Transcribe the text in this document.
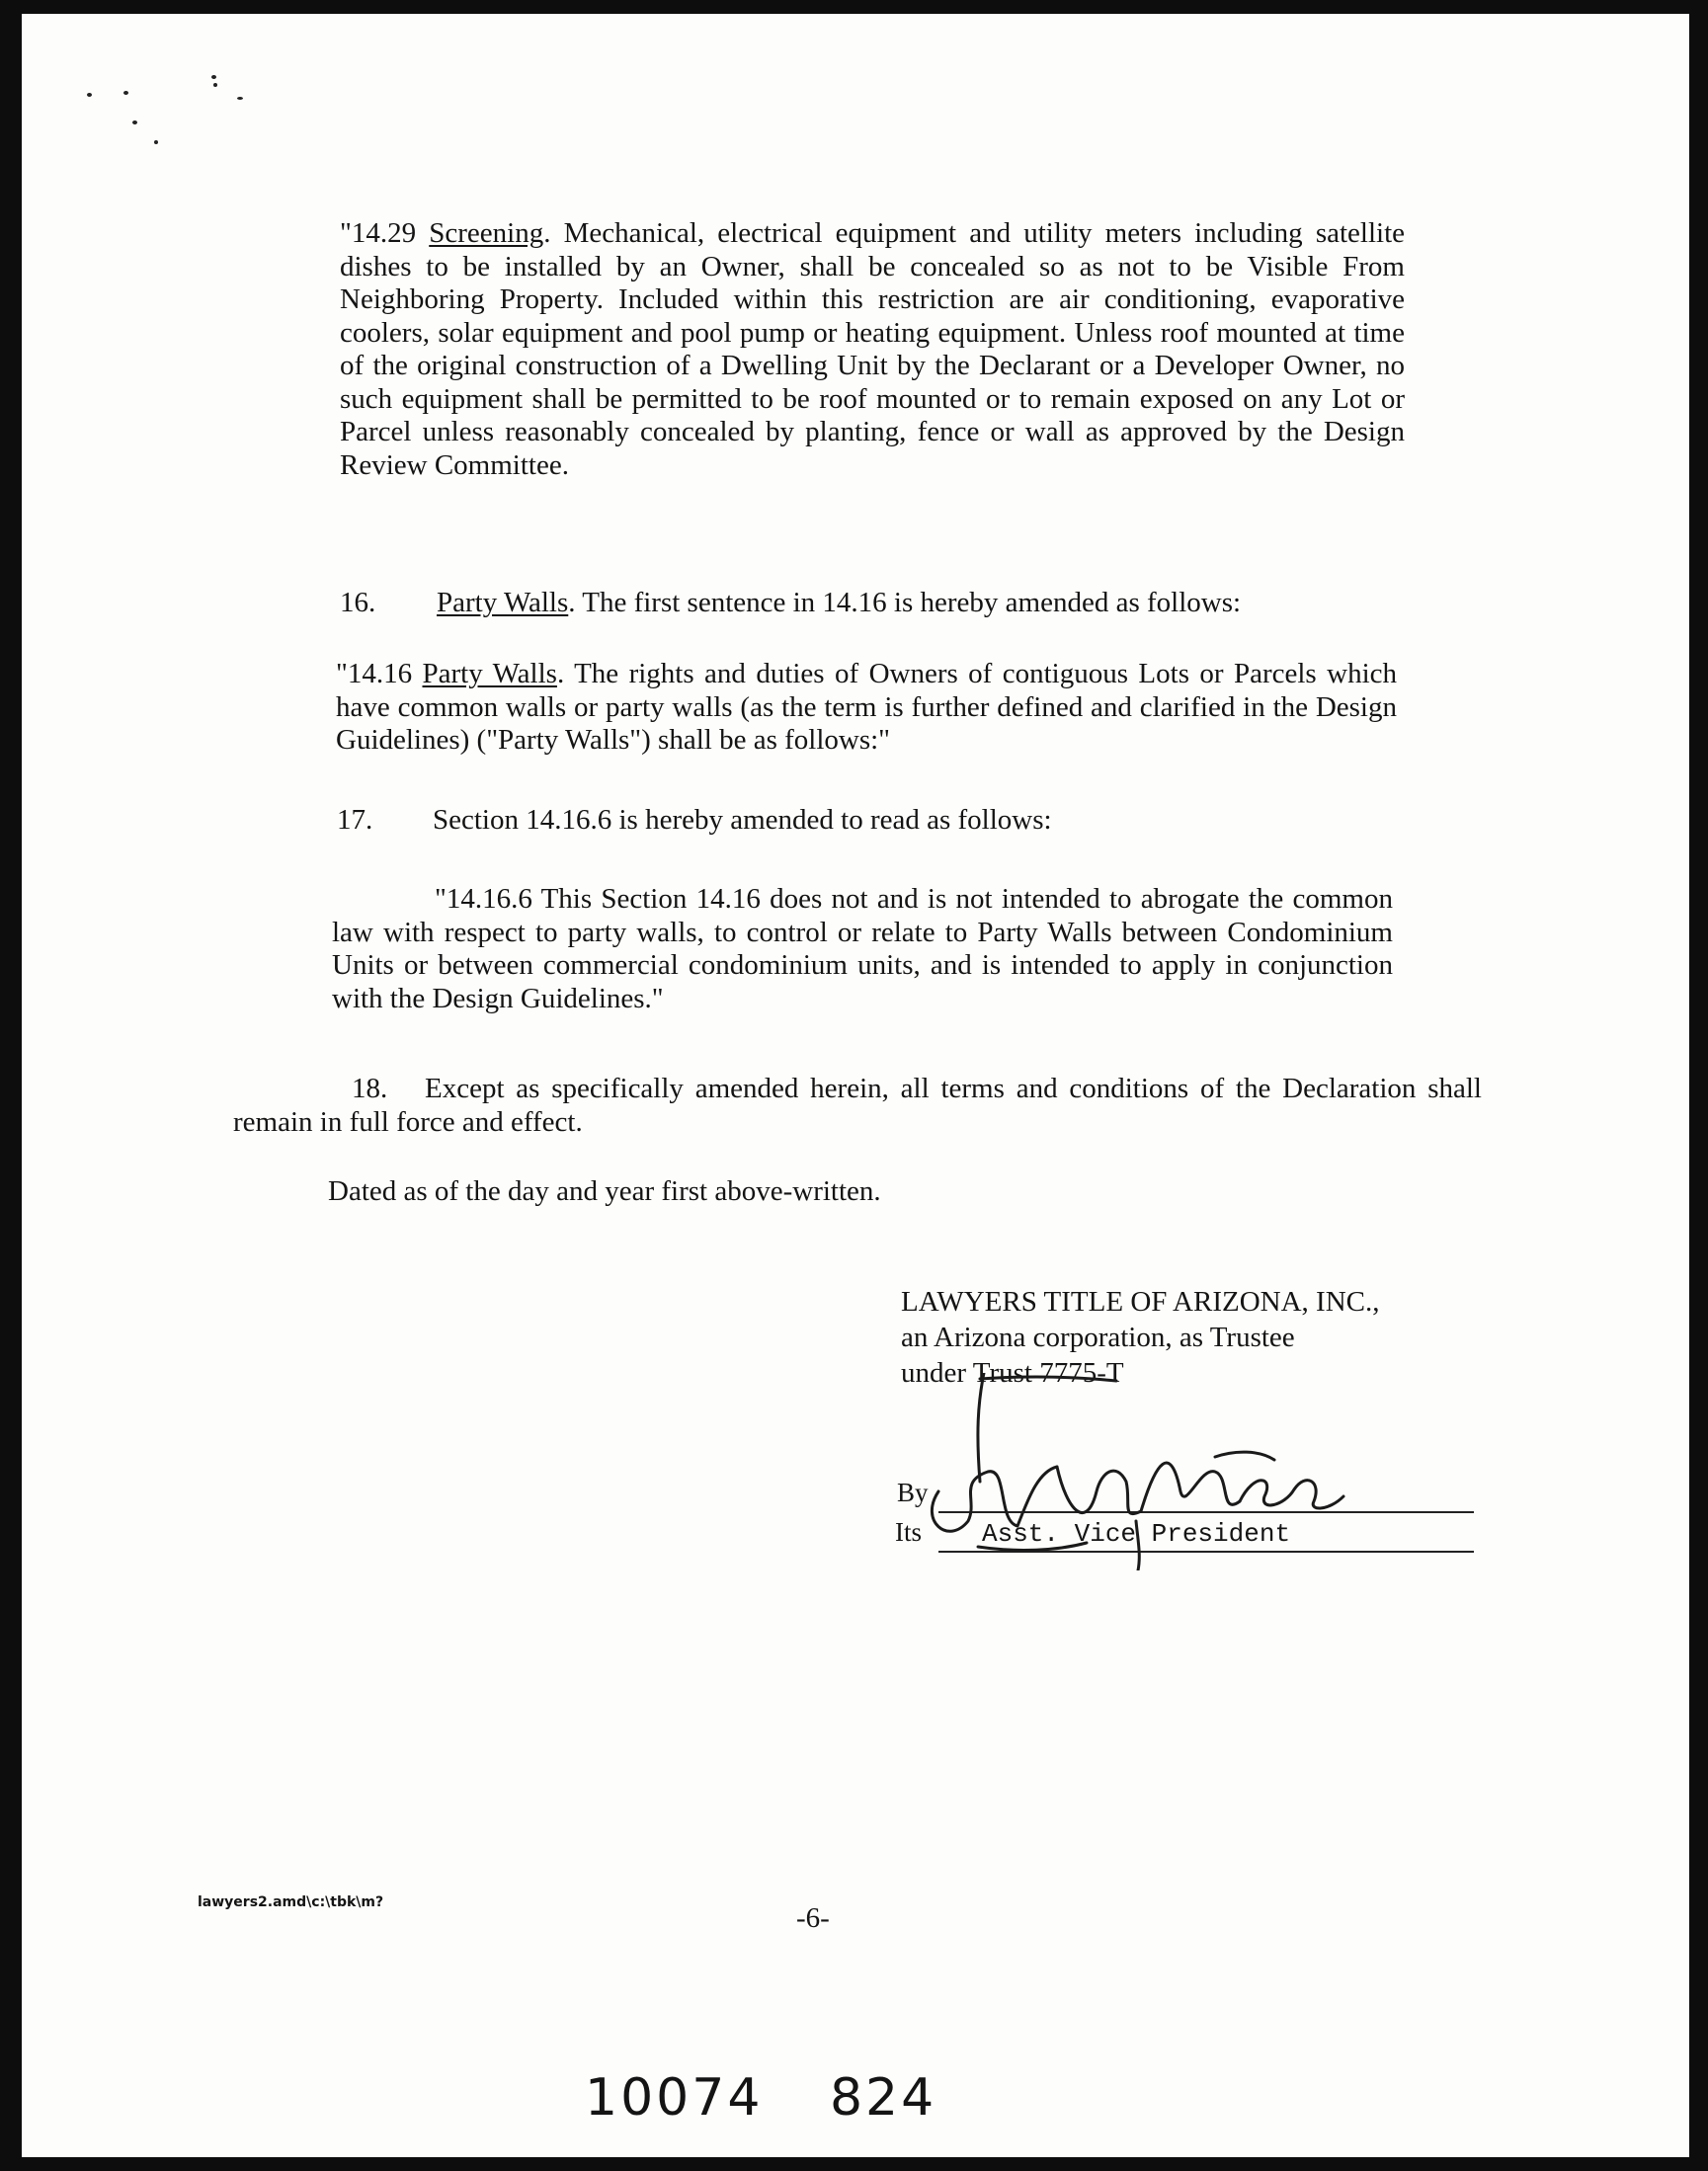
"14.29 Screening. Mechanical, electrical equipment and utility meters including satellite dishes to be installed by an Owner, shall be concealed so as not to be Visible From Neighboring Property. Included within this restriction are air conditioning, evaporative coolers, solar equipment and pool pump or heating equipment. Unless roof mounted at time of the original construction of a Dwelling Unit by the Declarant or a Developer Owner, no such equipment shall be permitted to be roof mounted or to remain exposed on any Lot or Parcel unless reasonably concealed by planting, fence or wall as approved by the Design Review Committee.

16. Party Walls. The first sentence in 14.16 is hereby amended as follows:

"14.16 Party Walls. The rights and duties of Owners of contiguous Lots or Parcels which have common walls or party walls (as the term is further defined and clarified in the Design Guidelines) ("Party Walls") shall be as follows:"

17. Section 14.16.6 is hereby amended to read as follows:

"14.16.6 This Section 14.16 does not and is not intended to abrogate the common law with respect to party walls, to control or relate to Party Walls between Condominium Units or between commercial condominium units, and is intended to apply in conjunction with the Design Guidelines."

18. Except as specifically amended herein, all terms and conditions of the Declaration shall remain in full force and effect.

Dated as of the day and year first above-written.

LAWYERS TITLE OF ARIZONA, INC.,
an Arizona corporation, as Trustee
under Trust 7775-T
By
Its Asst. Vice President
lawyers2.amd\c:\tbk\m?	-6-
10074 824
